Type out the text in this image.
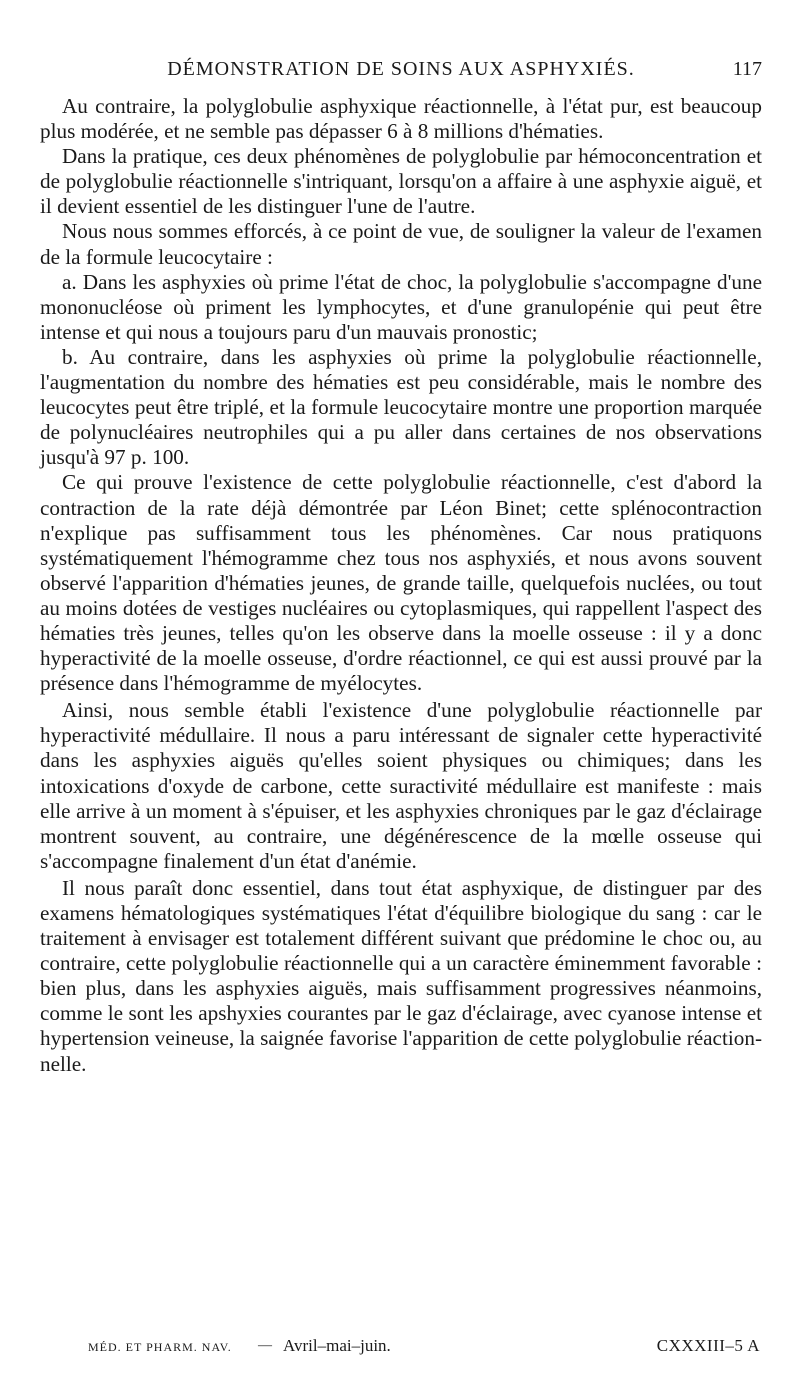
DÉMONSTRATION DE SOINS AUX ASPHYXIÉS.	117

Au contraire, la polyglobulie asphyxique réactionnelle, à l'état pur, est beaucoup plus modérée, et ne semble pas dépasser 6 à 8 millions d'hématies.

Dans la pratique, ces deux phénomènes de polyglobulie par hémoconcentration et de polyglobulie réactionnelle s'intriquant, lorsqu'on a affaire à une asphyxie aiguë, et il devient essentiel de les distinguer l'une de l'autre.

Nous nous sommes efforcés, à ce point de vue, de souligner la valeur de l'examen de la formule leucocytaire :

a. Dans les asphyxies où prime l'état de choc, la polyglobulie s'accompagne d'une mononucléose où priment les lymphocytes, et d'une granulopénie qui peut être intense et qui nous a toujours paru d'un mauvais pronostic;

b. Au contraire, dans les asphyxies où prime la polyglobulie réactionnelle, l'augmentation du nombre des hématies est peu considérable, mais le nombre des leucocytes peut être triplé, et la formule leucocytaire montre une proportion marquée de polynucléaires neutrophiles qui a pu aller dans certaines de nos observations jusqu'à 97 p. 100.

Ce qui prouve l'existence de cette polyglobulie réactionnelle, c'est d'abord la contraction de la rate déjà démontrée par Léon Binet; cette splénocontraction n'explique pas suffisamment tous les phénomènes. Car nous pratiquons systématiquement l'hémogramme chez tous nos asphyxiés, et nous avons souvent observé l'apparition d'hématies jeunes, de grande taille, quelquefois nuclées, ou tout au moins dotées de vestiges nucléaires ou cytoplasmiques, qui rappellent l'aspect des hématies très jeunes, telles qu'on les observe dans la moelle osseuse : il y a donc hyperactivité de la moelle osseuse, d'ordre réactionnel, ce qui est aussi prouvé par la présence dans l'hémogramme de myélocytes.

Ainsi, nous semble établi l'existence d'une polyglobulie réactionnelle par hyperactivité médullaire. Il nous a paru intéressant de signaler cette hyperactivité dans les asphyxies aiguës qu'elles soient physiques ou chimiques; dans les intoxications d'oxyde de carbone, cette suractivité médullaire est manifeste : mais elle arrive à un moment à s'épuiser, et les asphyxies chroniques par le gaz d'éclairage montrent souvent, au contraire, une dégénérescence de la mœlle osseuse qui s'accompagne finalement d'un état d'anémie.

Il nous paraît donc essentiel, dans tout état asphyxique, de distinguer par des examens hématologiques systématiques l'état d'équilibre biologique du sang : car le traitement à envisager est totalement différent suivant que prédomine le choc ou, au contraire, cette polyglobulie réactionnelle qui a un caractère éminemment favorable : bien plus, dans les asphyxies aiguës, mais suffisamment progressives néanmoins, comme le sont les apshyxies courantes par le gaz d'éclairage, avec cyanose intense et hypertension veineuse, la saignée favorise l'apparition de cette polyglobulie réactionnelle.

MÉD. ET PHARM. NAV. — Avril–mai–juin.	CXXXIII–5 A
